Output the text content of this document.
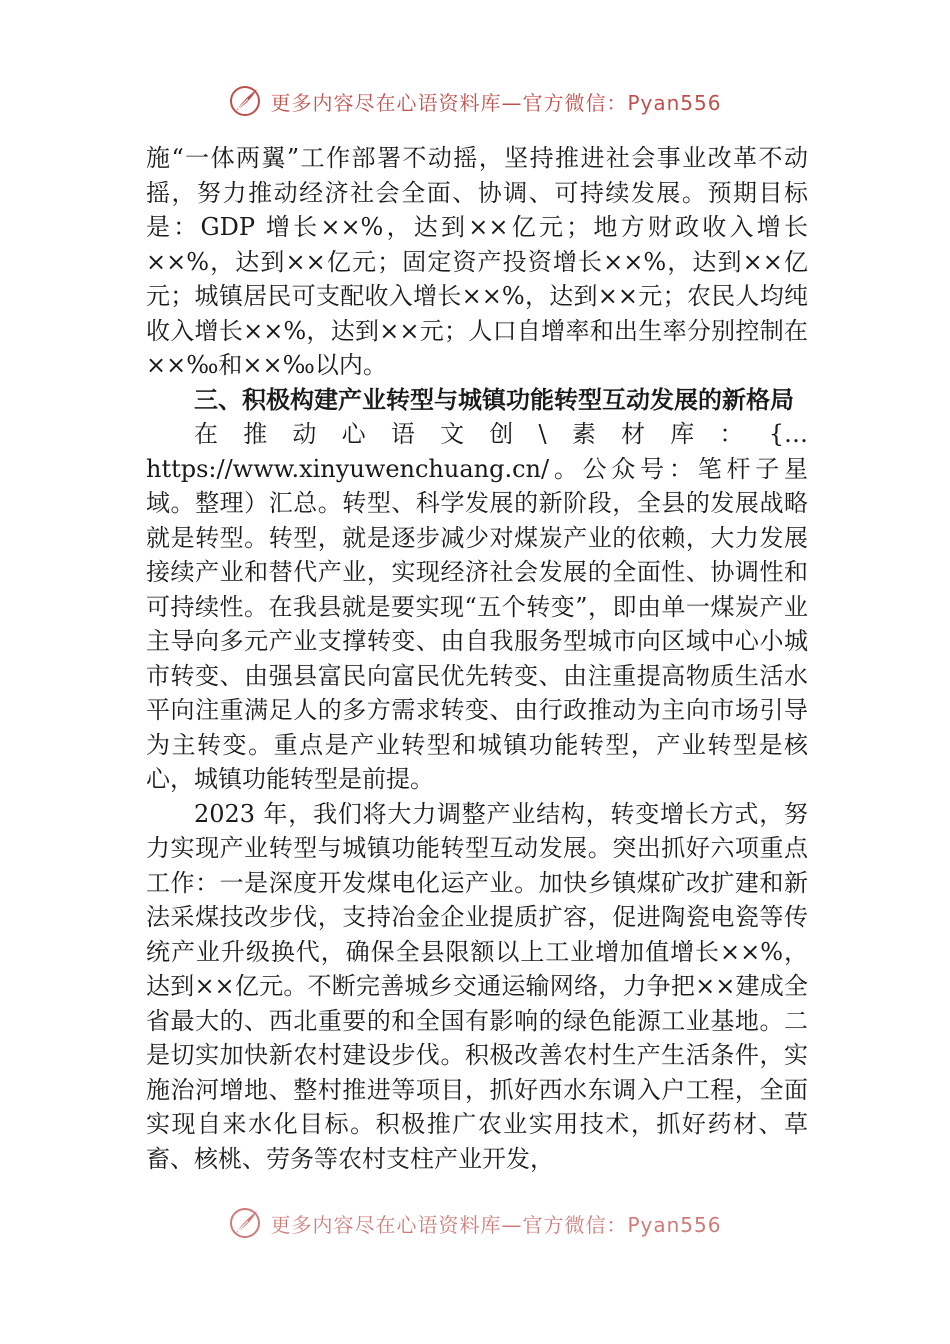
更多内容尽在心语资料库—官方微信：Pyan556

施“一体两翼”工作部署不动摇，坚持推进社会事业改革不动摇，努力推动经济社会全面、协调、可持续发展。预期目标是：GDP 增长××%，达到××亿元；地方财政收入增长××%，达到××亿元；固定资产投资增长××%，达到××亿元；城镇居民可支配收入增长××%，达到××元；农民人均纯收入增长××%，达到××元；人口自增率和出生率分别控制在××‰和××‰以内。

三、积极构建产业转型与城镇功能转型互动发展的新格局

在推动心语文创\素材库：{…https://www.xinyuwenchuang.cn/。公众号：笔杆子星域。整理）汇总。转型、科学发展的新阶段，全县的发展战略就是转型。转型，就是逐步减少对煤炭产业的依赖，大力发展接续产业和替代产业，实现经济社会发展的全面性、协调性和可持续性。在我县就是要实现“五个转变”，即由单一煤炭产业主导向多元产业支撑转变、由自我服务型城市向区域中心小城市转变、由强县富民向富民优先转变、由注重提高物质生活水平向注重满足人的多方需求转变、由行政推动为主向市场引导为主转变。重点是产业转型和城镇功能转型，产业转型是核心，城镇功能转型是前提。

2023 年，我们将大力调整产业结构，转变增长方式，努力实现产业转型与城镇功能转型互动发展。突出抓好六项重点工作：一是深度开发煤电化运产业。加快乡镇煤矿改扩建和新法采煤技改步伐，支持冶金企业提质扩容，促进陶瓷电瓷等传统产业升级换代，确保全县限额以上工业增加值增长××%，达到××亿元。不断完善城乡交通运输网络，力争把××建成全省最大的、西北重要的和全国有影响的绿色能源工业基地。二是切实加快新农村建设步伐。积极改善农村生产生活条件，实施治河增地、整村推进等项目，抓好西水东调入户工程，全面实现自来水化目标。积极推广农业实用技术，抓好药材、草畜、核桃、劳务等农村支柱产业开发，

更多内容尽在心语资料库—官方微信：Pyan556
